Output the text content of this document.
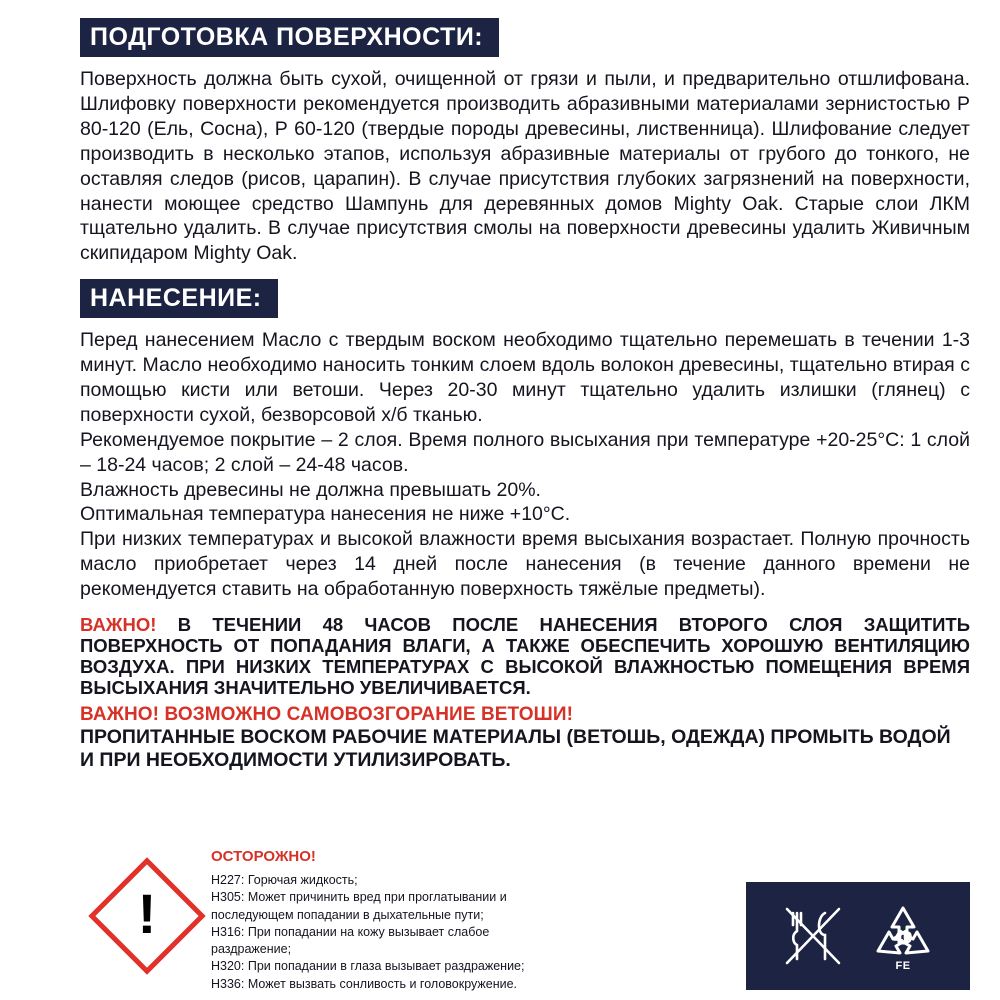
ПОДГОТОВКА ПОВЕРХНОСТИ:

Поверхность должна быть сухой, очищенной от грязи и пыли, и предварительно отшлифована. Шлифовку поверхности рекомендуется производить абразивными материалами зернистостью Р 80-120 (Ель, Сосна), Р 60-120 (твердые породы древесины, лиственница). Шлифование следует производить в несколько этапов, используя абразивные материалы от грубого до тонкого, не оставляя следов (рисов, царапин). В случае присутствия глубоких загрязнений на поверхности, нанести моющее средство Шампунь для деревянных домов Mighty Oak. Старые слои ЛКМ тщательно удалить. В случае присутствия смолы на поверхности древесины удалить Живичным скипидаром Mighty Oak.

НАНЕСЕНИЕ:

Перед нанесением Масло с твердым воском необходимо тщательно перемешать в течении 1-3 минут. Масло необходимо наносить тонким слоем вдоль волокон древесины, тщательно втирая с помощью кисти или ветоши. Через 20-30 минут тщательно удалить излишки (глянец) с поверхности сухой, безворсовой х/б тканью.

Рекомендуемое покрытие – 2 слоя. Время полного высыхания при температуре +20-25°C: 1 слой – 18-24 часов; 2 слой – 24-48 часов.

Влажность древесины не должна превышать 20%.

Оптимальная температура нанесения не ниже +10°C.

При низких температурах и высокой влажности время высыхания возрастает. Полную прочность масло приобретает через 14 дней после нанесения (в течение данного времени не рекомендуется ставить на обработанную поверхность тяжёлые предметы).

ВАЖНО! В ТЕЧЕНИИ 48 ЧАСОВ ПОСЛЕ НАНЕСЕНИЯ ВТОРОГО СЛОЯ ЗАЩИТИТЬ ПОВЕРХНОСТЬ ОТ ПОПАДАНИЯ ВЛАГИ, А ТАКЖЕ ОБЕСПЕЧИТЬ ХОРОШУЮ ВЕНТИЛЯЦИЮ ВОЗДУХА. ПРИ НИЗКИХ ТЕМПЕРАТУРАХ С ВЫСОКОЙ ВЛАЖНОСТЬЮ ПОМЕЩЕНИЯ ВРЕМЯ ВЫСЫХАНИЯ ЗНАЧИТЕЛЬНО УВЕЛИЧИВАЕТСЯ.

ВАЖНО! ВОЗМОЖНО САМОВОЗГОРАНИЕ ВЕТОШИ!

ПРОПИТАННЫЕ ВОСКОМ РАБОЧИЕ МАТЕРИАЛЫ (ВЕТОШЬ, ОДЕЖДА) ПРОМЫТЬ ВОДОЙ И ПРИ НЕОБХОДИМОСТИ УТИЛИЗИРОВАТЬ.

!
ОСТОРОЖНО!
H227: Горючая жидкость;
H305: Может причинить вред при проглатывании и последующем попадании в дыхательные пути;
H316: При попадании на кожу вызывает слабое раздражение;
H320: При попадании в глаза вызывает раздражение;
H336: Может вызвать сонливость и головокружение.
40
FE
